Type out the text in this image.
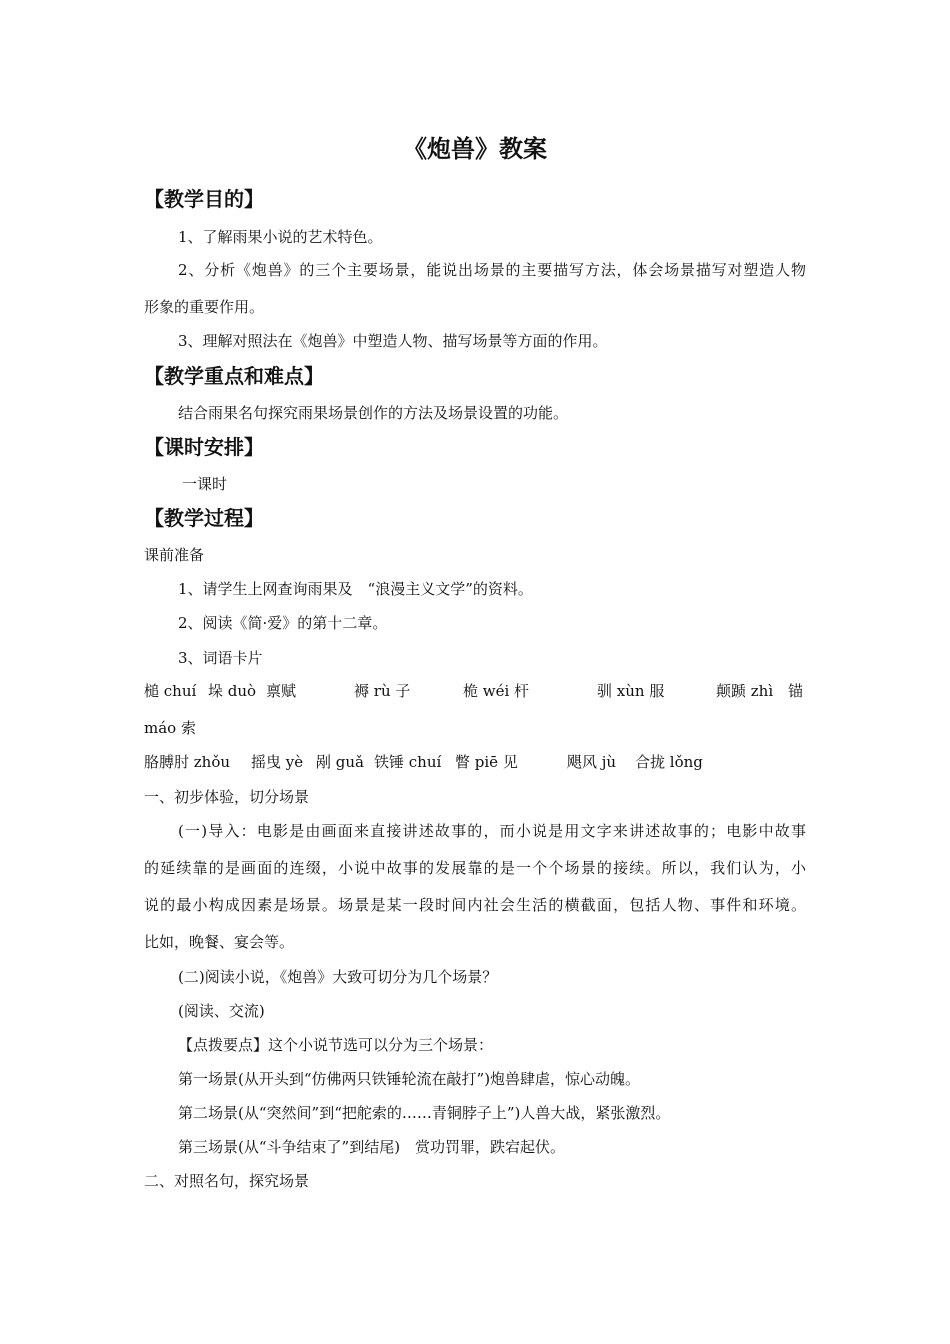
《炮兽》教案
【教学目的】
1、了解雨果小说的艺术特色。
2、分析《炮兽》的三个主要场景，能说出场景的主要描写方法，体会场景描写对塑造人物
形象的重要作用。
3、理解对照法在《炮兽》中塑造人物、描写场景等方面的作用。
【教学重点和难点】
结合雨果名句探究雨果场景创作的方法及场景设置的功能。
【课时安排】
一课时
【教学过程】
课前准备
1、请学生上网查询雨果及　“浪漫主义文学”的资料。
2、阅读《简·爱》的第十二章。
3、词语卡片
槌 chuí 垛 duò 禀赋	褥 rù 子	桅 wéi 杆	驯 xùn 服	颠踬 zhì 锚
máo 索
胳膊肘 zhǒu 摇曳 yè 剐 guǎ 铁锤 chuí 瞥 piē 见	飓风 jù 合拢 lǒng
一、初步体验，切分场景
(一)导入：电影是由画面来直接讲述故事的，而小说是用文字来讲述故事的；电影中故事
的延续靠的是画面的连缀，小说中故事的发展靠的是一个个场景的接续。所以，我们认为，小
说的最小构成因素是场景。场景是某一段时间内社会生活的横截面，包括人物、事件和环境。
比如，晚餐、宴会等。
(二)阅读小说，《炮兽》大致可切分为几个场景？
(阅读、交流)
【点拨要点】这个小说节选可以分为三个场景：
第一场景(从开头到“仿佛两只铁锤轮流在敲打”)炮兽肆虐，惊心动魄。
第二场景(从“突然间”到“把舵索的……青铜脖子上”)人兽大战，紧张激烈。
第三场景(从“斗争结束了”到结尾)　赏功罚罪，跌宕起伏。
二、对照名句，探究场景
